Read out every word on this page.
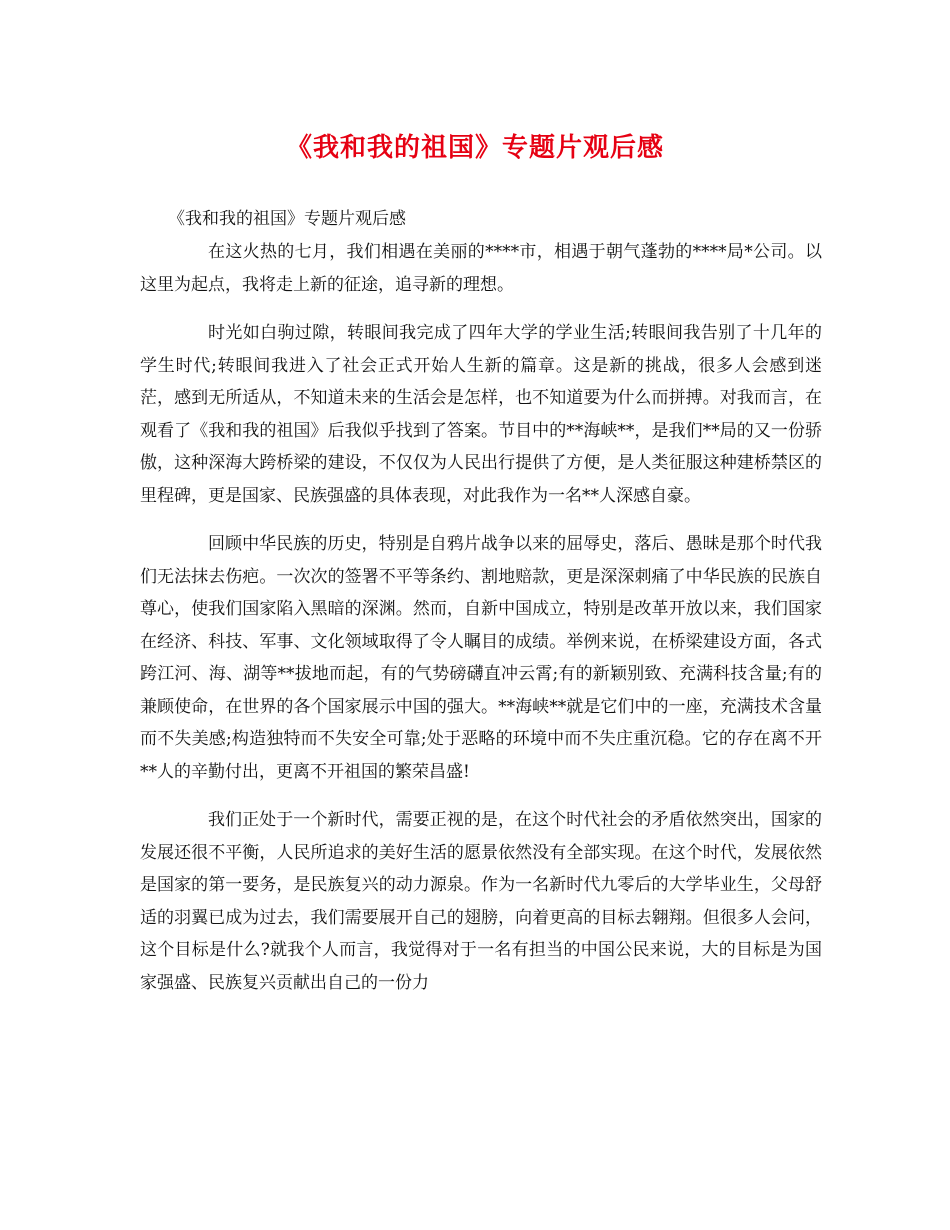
《我和我的祖国》专题片观后感
《我和我的祖国》专题片观后感

在这火热的七月，我们相遇在美丽的****市，相遇于朝气蓬勃的****局*公司。以这里为起点，我将走上新的征途，追寻新的理想。

时光如白驹过隙，转眼间我完成了四年大学的学业生活;转眼间我告别了十几年的学生时代;转眼间我进入了社会正式开始人生新的篇章。这是新的挑战，很多人会感到迷茫，感到无所适从，不知道未来的生活会是怎样，也不知道要为什么而拼搏。对我而言，在观看了《我和我的祖国》后我似乎找到了答案。节目中的**海峡**，是我们**局的又一份骄傲，这种深海大跨桥梁的建设，不仅仅为人民出行提供了方便，是人类征服这种建桥禁区的里程碑，更是国家、民族强盛的具体表现，对此我作为一名**人深感自豪。

回顾中华民族的历史，特别是自鸦片战争以来的屈辱史，落后、愚昧是那个时代我们无法抹去伤疤。一次次的签署不平等条约、割地赔款，更是深深刺痛了中华民族的民族自尊心，使我们国家陷入黑暗的深渊。然而，自新中国成立，特别是改革开放以来，我们国家在经济、科技、军事、文化领域取得了令人瞩目的成绩。举例来说，在桥梁建设方面，各式跨江河、海、湖等**拔地而起，有的气势磅礴直冲云霄;有的新颖别致、充满科技含量;有的兼顾使命，在世界的各个国家展示中国的强大。**海峡**就是它们中的一座，充满技术含量而不失美感;构造独特而不失安全可靠;处于恶略的环境中而不失庄重沉稳。它的存在离不开**人的辛勤付出，更离不开祖国的繁荣昌盛!

我们正处于一个新时代，需要正视的是，在这个时代社会的矛盾依然突出，国家的发展还很不平衡，人民所追求的美好生活的愿景依然没有全部实现。在这个时代，发展依然是国家的第一要务，是民族复兴的动力源泉。作为一名新时代九零后的大学毕业生，父母舒适的羽翼已成为过去，我们需要展开自己的翅膀，向着更高的目标去翱翔。但很多人会问，这个目标是什么?就我个人而言，我觉得对于一名有担当的中国公民来说，大的目标是为国家强盛、民族复兴贡献出自己的一份力
